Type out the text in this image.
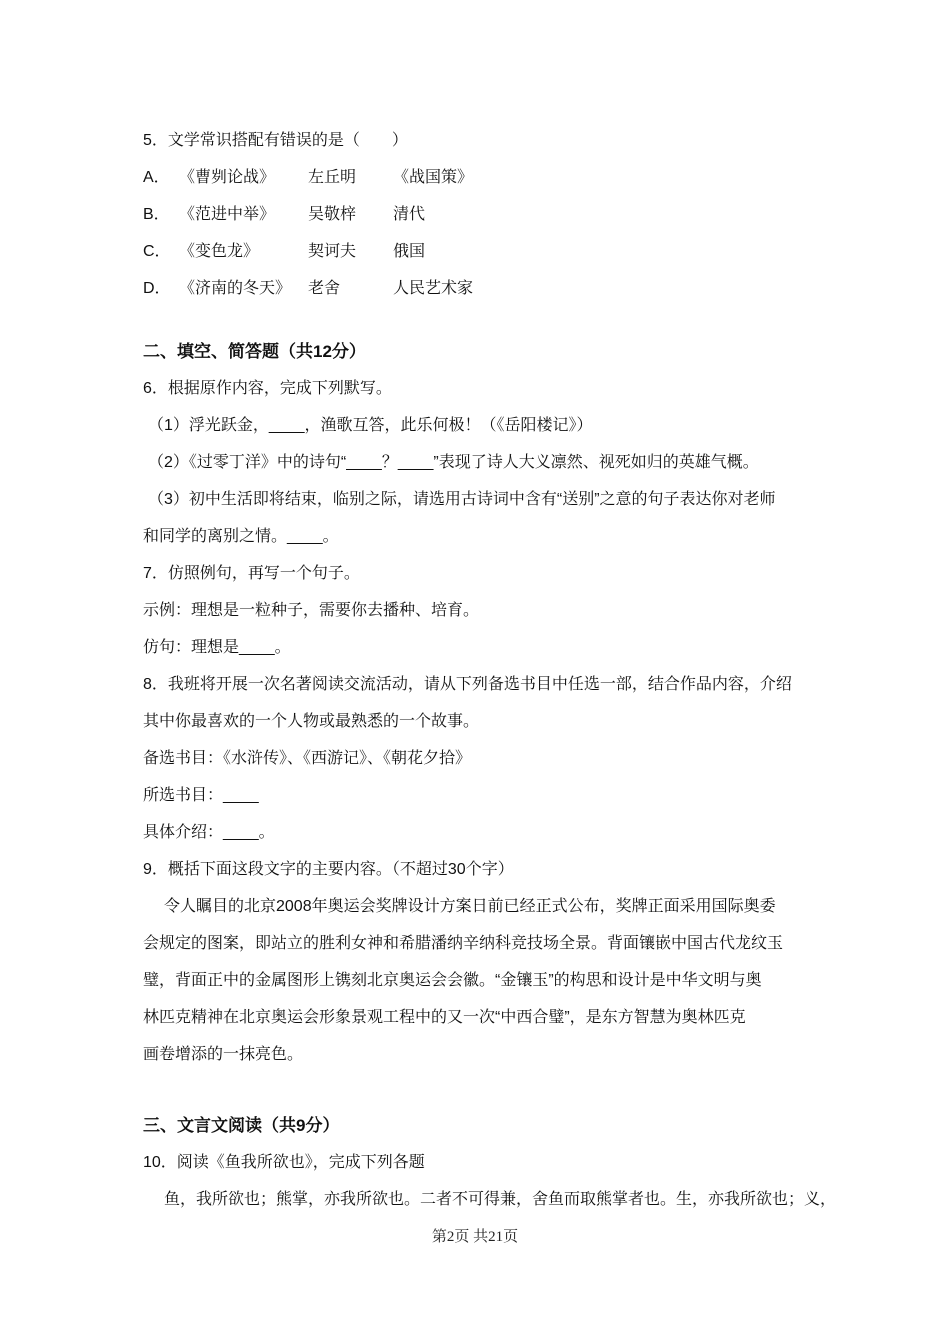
5．文学常识搭配有错误的是（　　）
A． 《曹刿论战》 左丘明 《战国策》
B． 《范进中举》 吴敬梓 清代
C． 《变色龙》	契诃夫 俄国
D． 《济南的冬天》 老舍	人民艺术家
二、填空、简答题（共12分）
6．根据原作内容，完成下列默写。
（1）浮光跃金，____，渔歌互答，此乐何极！（《岳阳楼记》）
（2）《过零丁洋》中的诗句“____？____”表现了诗人大义凛然、视死如归的英雄气概。
（3）初中生活即将结束，临别之际，请选用古诗词中含有“送别”之意的句子表达你对老师
和同学的离别之情。____。
7．仿照例句，再写一个句子。
示例：理想是一粒种子，需要你去播种、培育。
仿句：理想是____。
8．我班将开展一次名著阅读交流活动，请从下列备选书目中任选一部，结合作品内容，介绍
其中你最喜欢的一个人物或最熟悉的一个故事。
备选书目：《水浒传》、《西游记》、《朝花夕拾》
所选书目：____
具体介绍：____。
9．概括下面这段文字的主要内容。（不超过30个字）
令人瞩目的北京2008年奥运会奖牌设计方案日前已经正式公布，奖牌正面采用国际奥委
会规定的图案，即站立的胜利女神和希腊潘纳辛纳科竞技场全景。背面镶嵌中国古代龙纹玉
璧，背面正中的金属图形上镌刻北京奥运会会徽。“金镶玉”的构思和设计是中华文明与奥
林匹克精神在北京奥运会形象景观工程中的又一次“中西合璧”，是东方智慧为奥林匹克
画卷增添的一抹亮色。
三、文言文阅读（共9分）
10．阅读《鱼我所欲也》，完成下列各题
鱼，我所欲也；熊掌，亦我所欲也。二者不可得兼，舍鱼而取熊掌者也。生，亦我所欲也；义，
第2页 共21页
